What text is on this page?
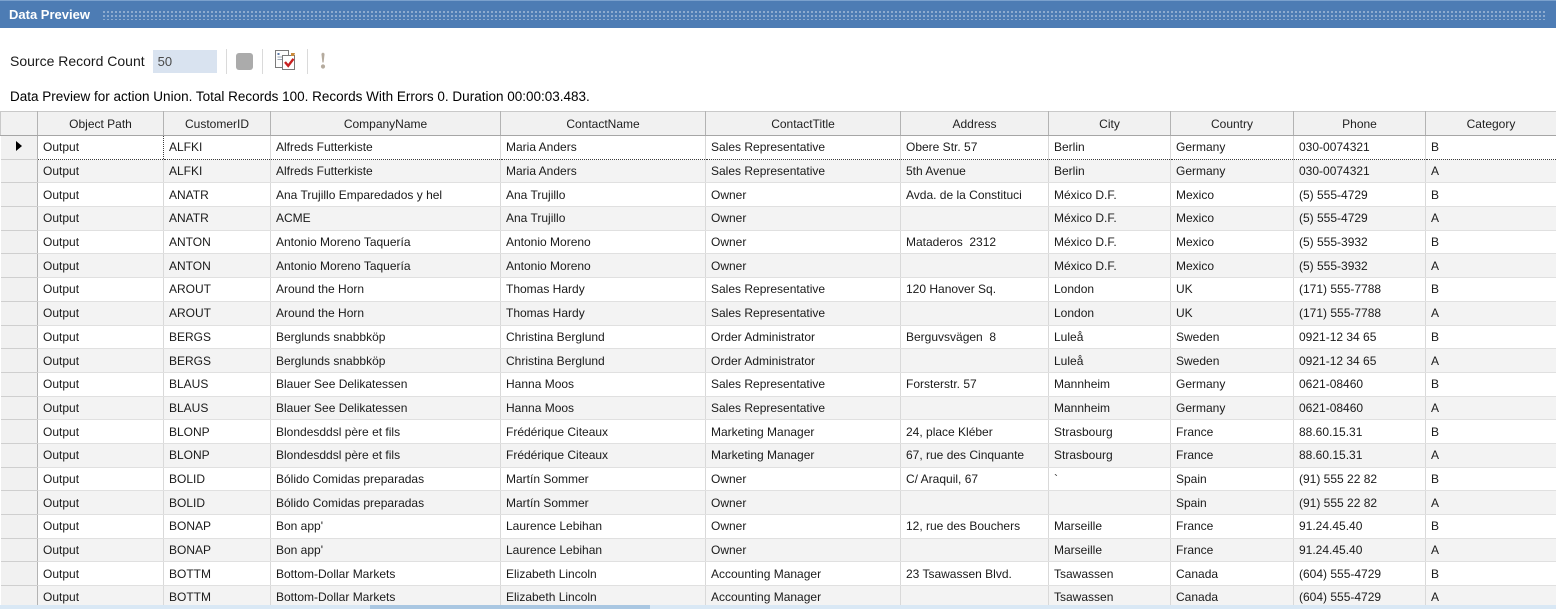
Data Preview
Source Record Count
50
Data Preview for action Union. Total Records 100. Records With Errors 0. Duration 00:00:03.483.
	Object Path	CustomerID	CompanyName	ContactName	ContactTitle	Address	City	Country	Phone	Category
	Output	ALFKI	Alfreds Futterkiste	Maria Anders	Sales Representative	Obere Str. 57	Berlin	Germany	030-0074321	B
	Output	ALFKI	Alfreds Futterkiste	Maria Anders	Sales Representative	5th Avenue	Berlin	Germany	030-0074321	A
	Output	ANATR	Ana Trujillo Emparedados y hel	Ana Trujillo	Owner	Avda. de la Constituci	México D.F.	Mexico	(5) 555-4729	B
	Output	ANATR	ACME	Ana Trujillo	Owner		México D.F.	Mexico	(5) 555-4729	A
	Output	ANTON	Antonio Moreno Taquería	Antonio Moreno	Owner	Mataderos  2312	México D.F.	Mexico	(5) 555-3932	B
	Output	ANTON	Antonio Moreno Taquería	Antonio Moreno	Owner		México D.F.	Mexico	(5) 555-3932	A
	Output	AROUT	Around the Horn	Thomas Hardy	Sales Representative	120 Hanover Sq.	London	UK	(171) 555-7788	B
	Output	AROUT	Around the Horn	Thomas Hardy	Sales Representative		London	UK	(171) 555-7788	A
	Output	BERGS	Berglunds snabbköp	Christina Berglund	Order Administrator	Berguvsvägen  8	Luleå	Sweden	0921-12 34 65	B
	Output	BERGS	Berglunds snabbköp	Christina Berglund	Order Administrator		Luleå	Sweden	0921-12 34 65	A
	Output	BLAUS	Blauer See Delikatessen	Hanna Moos	Sales Representative	Forsterstr. 57	Mannheim	Germany	0621-08460	B
	Output	BLAUS	Blauer See Delikatessen	Hanna Moos	Sales Representative		Mannheim	Germany	0621-08460	A
	Output	BLONP	Blondesddsl père et fils	Frédérique Citeaux	Marketing Manager	24, place Kléber	Strasbourg	France	88.60.15.31	B
	Output	BLONP	Blondesddsl père et fils	Frédérique Citeaux	Marketing Manager	67, rue des Cinquante	Strasbourg	France	88.60.15.31	A
	Output	BOLID	Bólido Comidas preparadas	Martín Sommer	Owner	C/ Araquil, 67	`	Spain	(91) 555 22 82	B
	Output	BOLID	Bólido Comidas preparadas	Martín Sommer	Owner			Spain	(91) 555 22 82	A
	Output	BONAP	Bon app'	Laurence Lebihan	Owner	12, rue des Bouchers	Marseille	France	91.24.45.40	B
	Output	BONAP	Bon app'	Laurence Lebihan	Owner		Marseille	France	91.24.45.40	A
	Output	BOTTM	Bottom-Dollar Markets	Elizabeth Lincoln	Accounting Manager	23 Tsawassen Blvd.	Tsawassen	Canada	(604) 555-4729	B
	Output	BOTTM	Bottom-Dollar Markets	Elizabeth Lincoln	Accounting Manager		Tsawassen	Canada	(604) 555-4729	A
